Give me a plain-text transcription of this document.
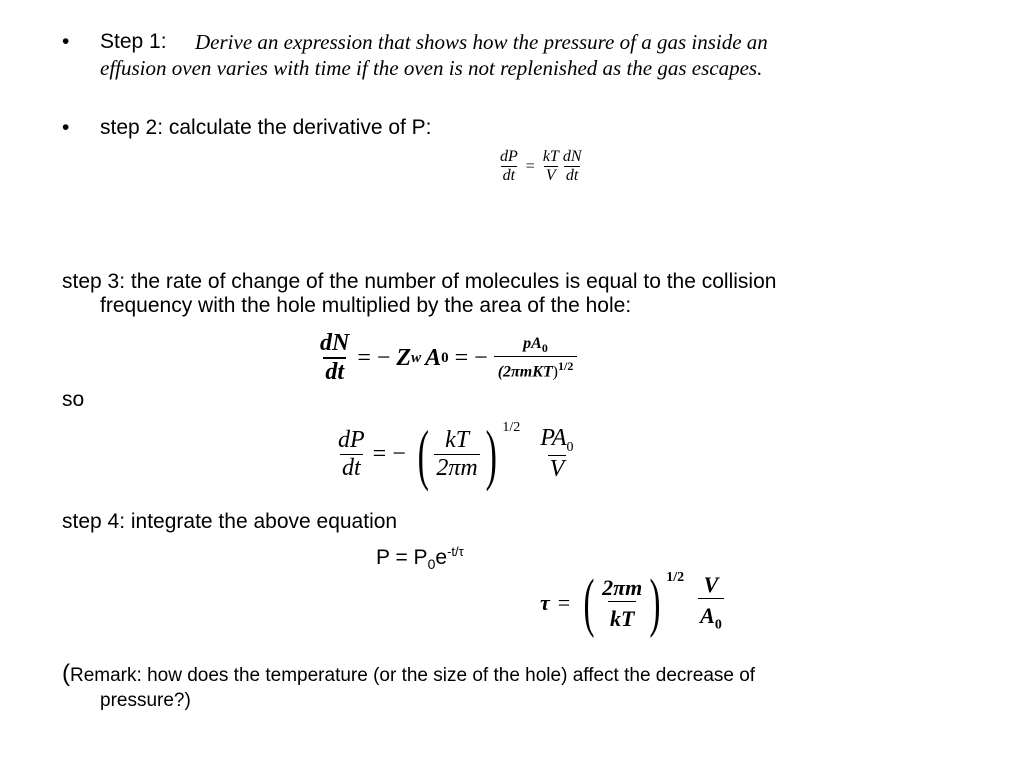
• Step 1: Derive an expression that shows how the pressure of a gas inside an
effusion oven varies with time if the oven is not replenished as the gas escapes.
• step 2: calculate the derivative of P:
$\frac{dP}{dt} = \frac{kT}{V} \frac{dN}{dt}$
step 3: the rate of change of the number of molecules is equal to the collision
frequency with the hole multiplied by the area of the hole:
$\frac{dN}{dt}$ = − Z w A 0 = − $\frac{pA_0}{(2\pi mKT)^{1/2}}$
so
$\frac{dP}{dt}$ = − ( $\frac{kT}{2\pi m}$ ) $^{1/2} \frac{PA_0}{V}$
step 4: integrate the above equation
$P = P_0e^{-t/\tau}$
τ = ( $\frac{2\pi m}{kT}$ ) $^{1/2} \frac{V}{A_0}$
(Remark: how does the temperature (or the size of the hole) affect the decrease of
pressure?)
